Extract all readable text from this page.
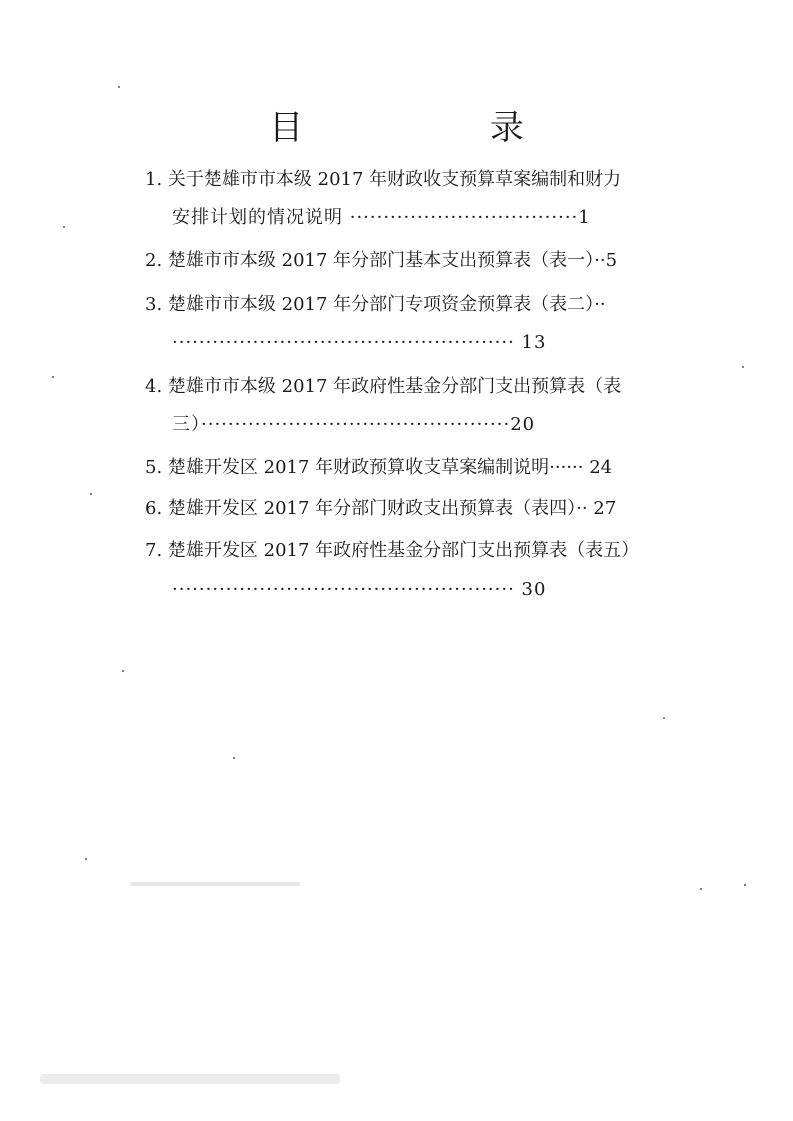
目 录
1. 关于楚雄市市本级 2017 年财政收支预算草案编制和财力
安排计划的情况说明 ··································1
2. 楚雄市市本级 2017 年分部门基本支出预算表（表一）··5
3. 楚雄市市本级 2017 年分部门专项资金预算表（表二）··
··················································· 13
4. 楚雄市市本级 2017 年政府性基金分部门支出预算表（表
三）··············································20
5. 楚雄开发区 2017 年财政预算收支草案编制说明······ 24
6. 楚雄开发区 2017 年分部门财政支出预算表（表四）·· 27
7. 楚雄开发区 2017 年政府性基金分部门支出预算表（表五）
··················································· 30
